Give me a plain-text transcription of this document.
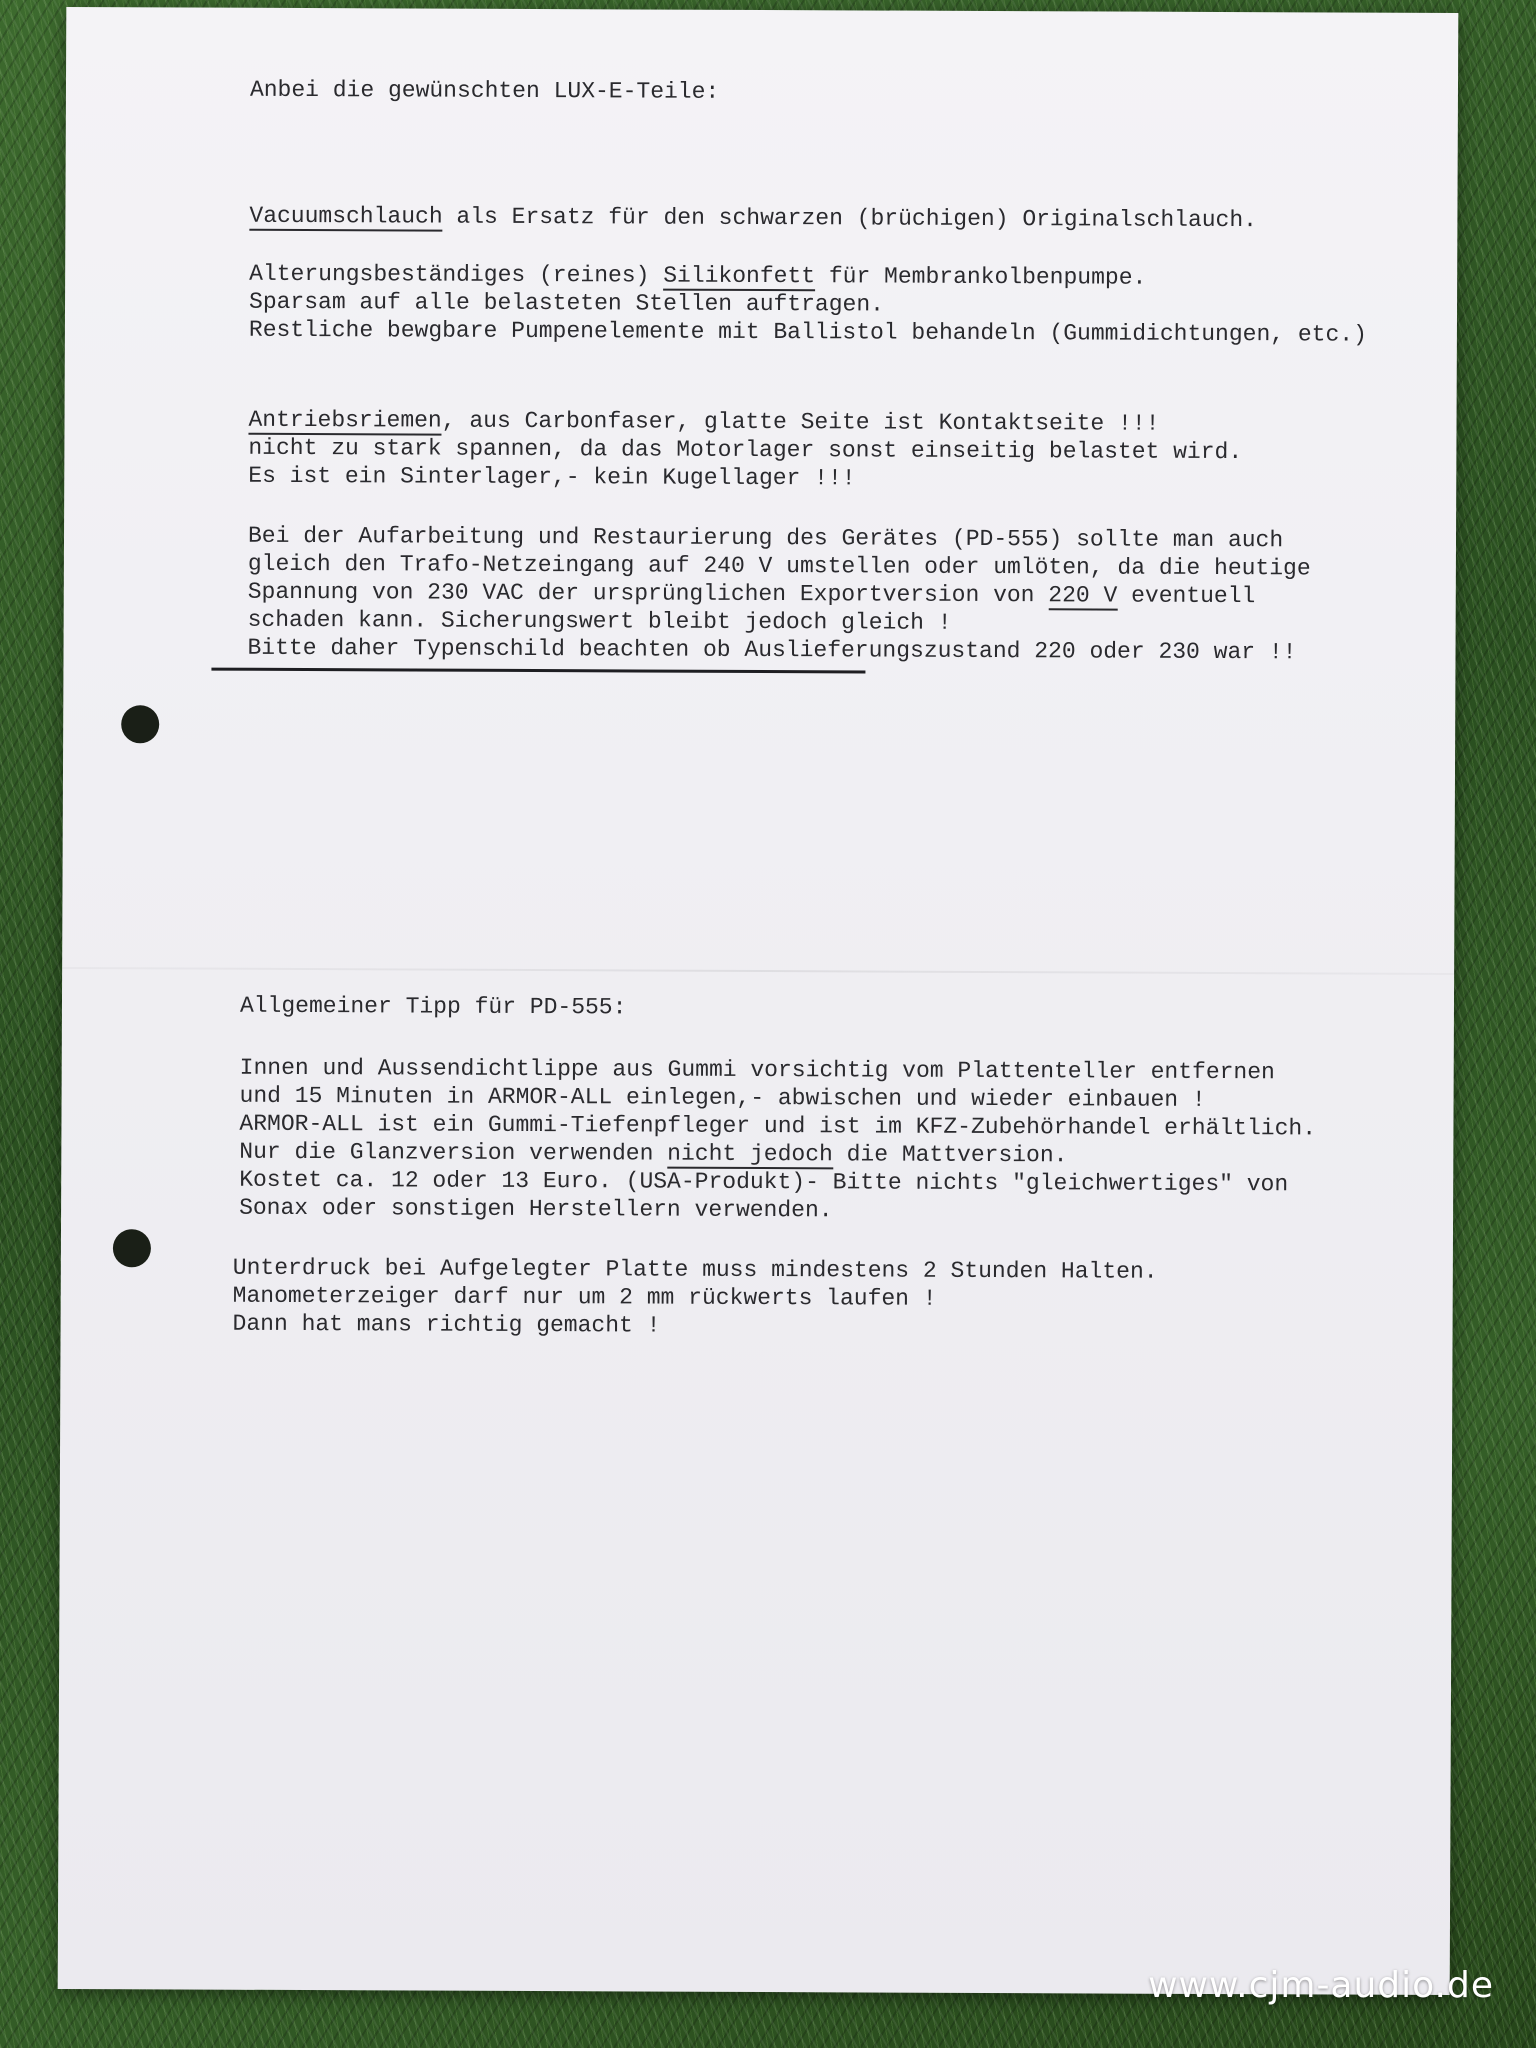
Anbei die gewünschten LUX-E-Teile:
Vacuumschlauch als Ersatz für den schwarzen (brüchigen) Originalschlauch.
Alterungsbeständiges (reines) Silikonfett für Membrankolbenpumpe.
Sparsam auf alle belasteten Stellen auftragen.
Restliche bewgbare Pumpenelemente mit Ballistol behandeln (Gummidichtungen, etc.)
Antriebsriemen, aus Carbonfaser, glatte Seite ist Kontaktseite !!!
nicht zu stark spannen, da das Motorlager sonst einseitig belastet wird.
Es ist ein Sinterlager,- kein Kugellager !!!
Bei der Aufarbeitung und Restaurierung des Gerätes (PD-555) sollte man auch
gleich den Trafo-Netzeingang auf 240 V umstellen oder umlöten, da die heutige
Spannung von 230 VAC der ursprünglichen Exportversion von 220 V eventuell
schaden kann. Sicherungswert bleibt jedoch gleich !
Bitte daher Typenschild beachten ob Auslieferungszustand 220 oder 230 war !!
Allgemeiner Tipp für PD-555:
Innen und Aussendichtlippe aus Gummi vorsichtig vom Plattenteller entfernen
und 15 Minuten in ARMOR-ALL einlegen,- abwischen und wieder einbauen !
ARMOR-ALL ist ein Gummi-Tiefenpfleger und ist im KFZ-Zubehörhandel erhältlich.
Nur die Glanzversion verwenden nicht jedoch die Mattversion.
Kostet ca. 12 oder 13 Euro. (USA-Produkt)- Bitte nichts "gleichwertiges" von
Sonax oder sonstigen Herstellern verwenden.
Unterdruck bei Aufgelegter Platte muss mindestens 2 Stunden Halten.
Manometerzeiger darf nur um 2 mm rückwerts laufen !
Dann hat mans richtig gemacht !
www.cjm-audio.de
